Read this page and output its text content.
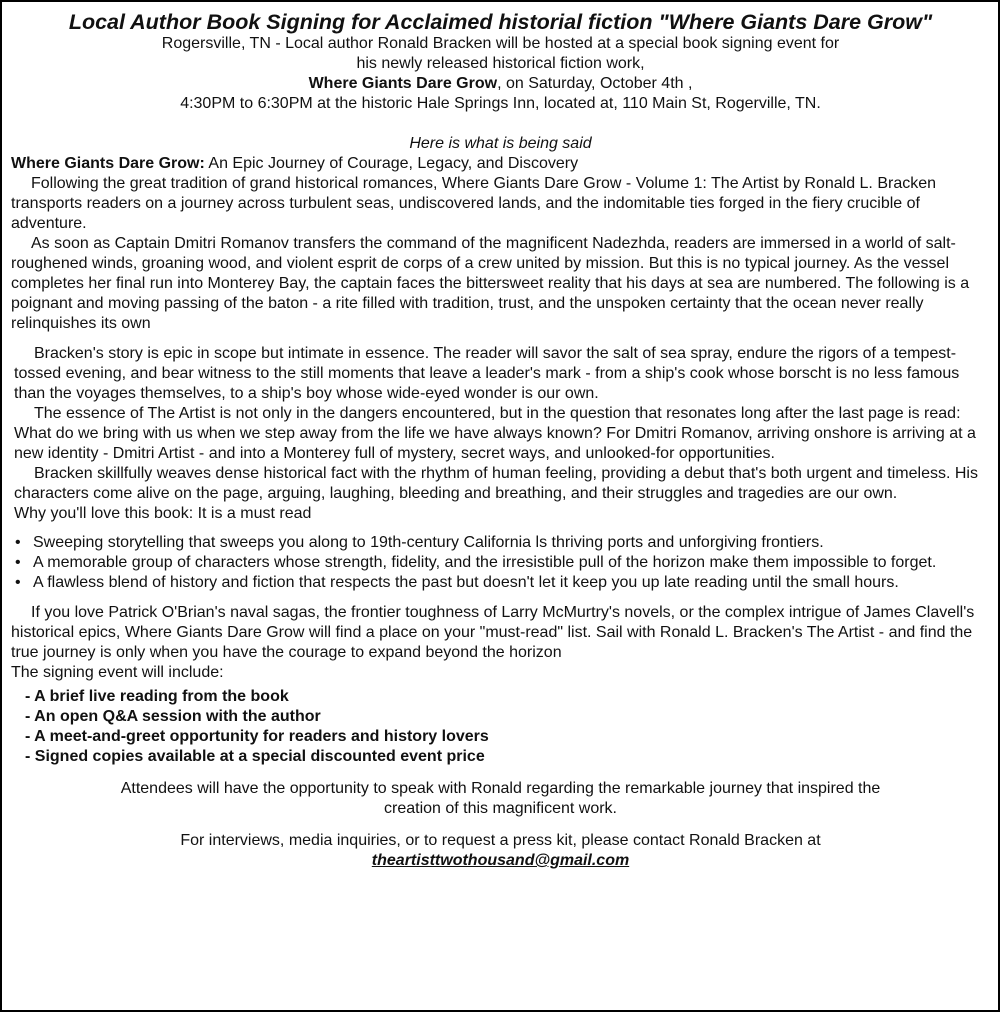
Local Author Book Signing for Acclaimed historial fiction "Where Giants Dare Grow"

Rogersville, TN - Local author Ronald Bracken will be hosted at a special book signing event for

his newly released historical fiction work,

Where Giants Dare Grow, on Saturday, October 4th ,

4:30PM to 6:30PM at the historic Hale Springs Inn, located at, 110 Main St, Rogerville, TN.

Here is what is being said

Where Giants Dare Grow: An Epic Journey of Courage, Legacy, and Discovery

Following the great tradition of grand historical romances, Where Giants Dare Grow - Volume 1: The Artist by Ronald L. Bracken transports readers on a journey across turbulent seas, undiscovered lands, and the indomitable ties forged in the fiery crucible of adventure.

As soon as Captain Dmitri Romanov transfers the command of the magnificent Nadezhda, readers are immersed in a world of salt-roughened winds, groaning wood, and violent esprit de corps of a crew united by mission. But this is no typical journey. As the vessel completes her final run into Monterey Bay, the captain faces the bittersweet reality that his days at sea are numbered. The following is a poignant and moving passing of the baton - a rite filled with tradition, trust, and the unspoken certainty that the ocean never really relinquishes its own

Bracken's story is epic in scope but intimate in essence. The reader will savor the salt of sea spray, endure the rigors of a tempest-tossed evening, and bear witness to the still moments that leave a leader's mark - from a ship's cook whose borscht is no less famous than the voyages themselves, to a ship's boy whose wide-eyed wonder is our own.

The essence of The Artist is not only in the dangers encountered, but in the question that resonates long after the last page is read: What do we bring with us when we step away from the life we have always known? For Dmitri Romanov, arriving onshore is arriving at a new identity - Dmitri Artist - and into a Monterey full of mystery, secret ways, and unlooked-for opportunities.

Bracken skillfully weaves dense historical fact with the rhythm of human feeling, providing a debut that's both urgent and timeless. His characters come alive on the page, arguing, laughing, bleeding and breathing, and their struggles and tragedies are our own.

Why you'll love this book: It is a must read

• Sweeping storytelling that sweeps you along to 19th-century California ls thriving ports and unforgiving frontiers.
• A memorable group of characters whose strength, fidelity, and the irresistible pull of the horizon make them impossible to forget.
• A flawless blend of history and fiction that respects the past but doesn't let it keep you up late reading until the small hours.

If you love Patrick O'Brian's naval sagas, the frontier toughness of Larry McMurtry's novels, or the complex intrigue of James Clavell's historical epics, Where Giants Dare Grow will find a place on your "must-read" list. Sail with Ronald L. Bracken's The Artist - and find the true journey is only when you have the courage to expand beyond the horizon

The signing event will include:

- A brief live reading from the book
- An open Q&A session with the author
- A meet-and-greet opportunity for readers and history lovers
- Signed copies available at a special discounted event price

Attendees will have the opportunity to speak with Ronald regarding the remarkable journey that inspired the

creation of this magnificent work.

For interviews, media inquiries, or to request a press kit, please contact Ronald Bracken at

theartisttwothousand@gmail.com
